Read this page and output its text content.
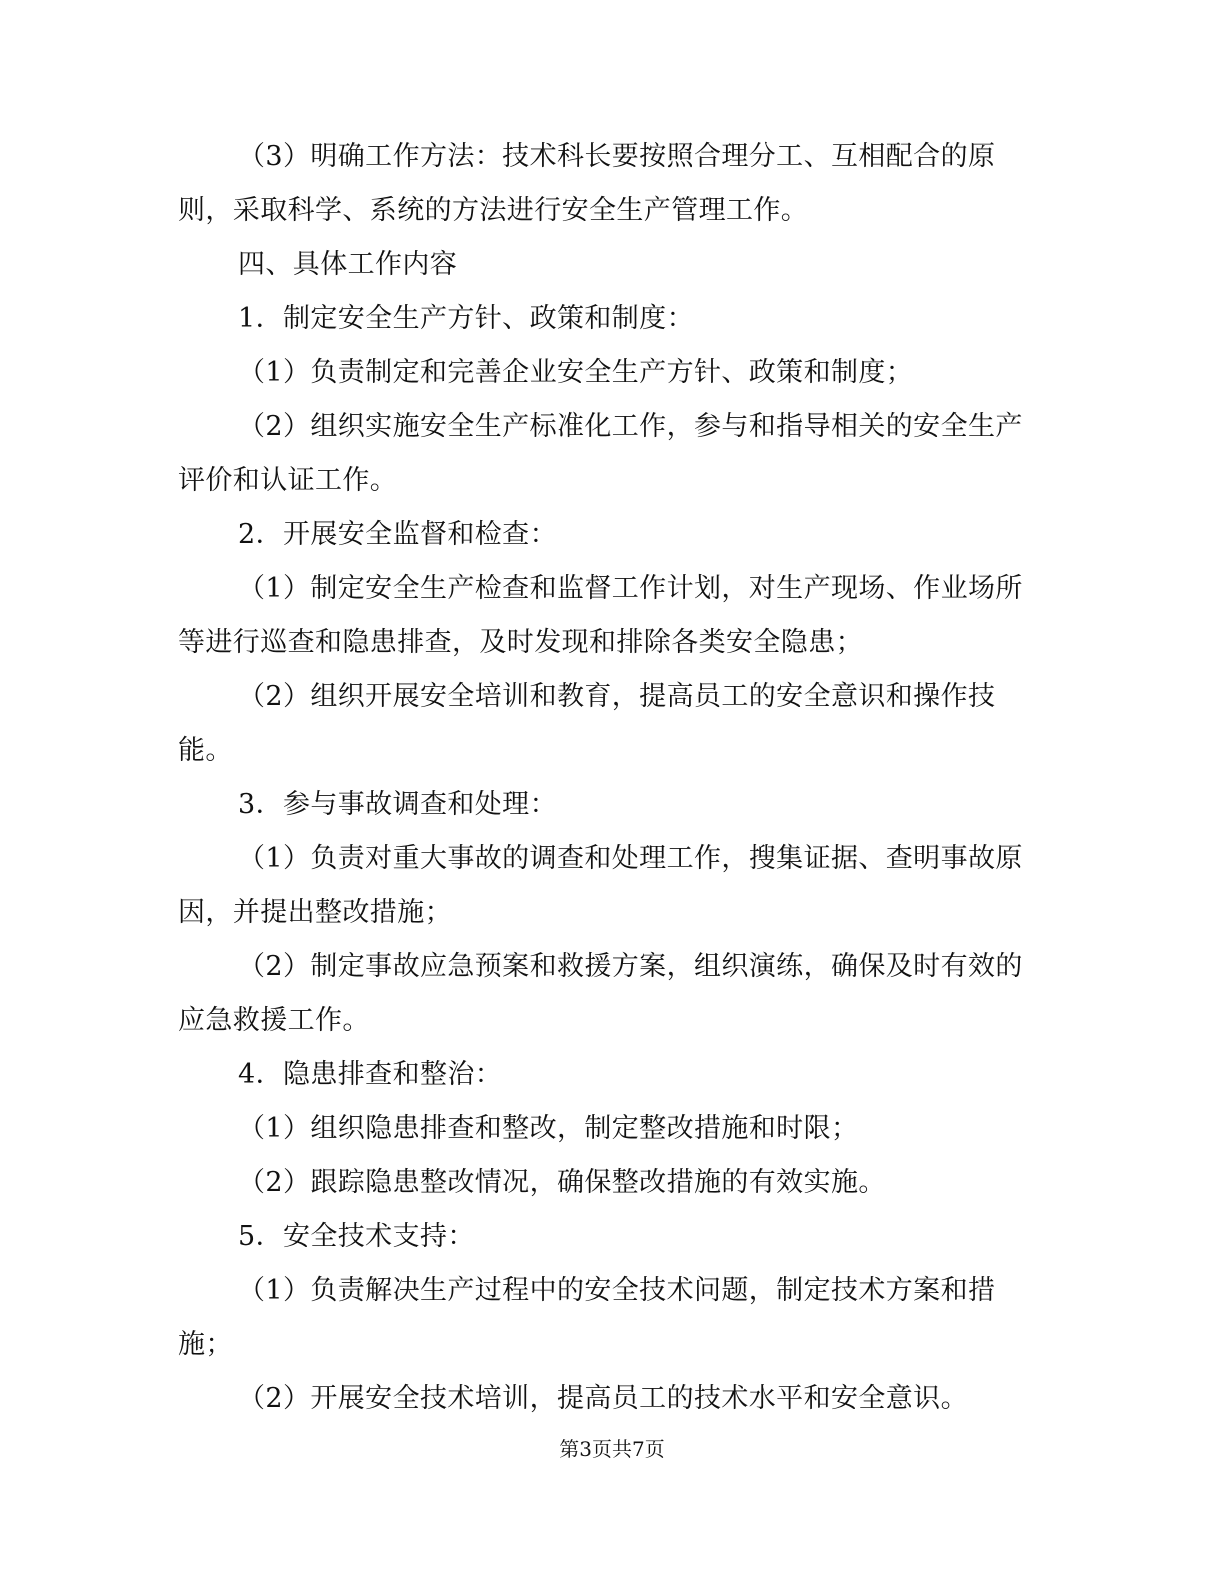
（3）明确工作方法：技术科长要按照合理分工、互相配合的原
则，采取科学、系统的方法进行安全生产管理工作。
四、具体工作内容
1．制定安全生产方针、政策和制度：
（1）负责制定和完善企业安全生产方针、政策和制度；
（2）组织实施安全生产标准化工作，参与和指导相关的安全生产
评价和认证工作。
2．开展安全监督和检查：
（1）制定安全生产检查和监督工作计划，对生产现场、作业场所
等进行巡查和隐患排查，及时发现和排除各类安全隐患；
（2）组织开展安全培训和教育，提高员工的安全意识和操作技
能。
3．参与事故调查和处理：
（1）负责对重大事故的调查和处理工作，搜集证据、查明事故原
因，并提出整改措施；
（2）制定事故应急预案和救援方案，组织演练，确保及时有效的
应急救援工作。
4．隐患排查和整治：
（1）组织隐患排查和整改，制定整改措施和时限；
（2）跟踪隐患整改情况，确保整改措施的有效实施。
5．安全技术支持：
（1）负责解决生产过程中的安全技术问题，制定技术方案和措
施；
（2）开展安全技术培训，提高员工的技术水平和安全意识。
第3页共7页
